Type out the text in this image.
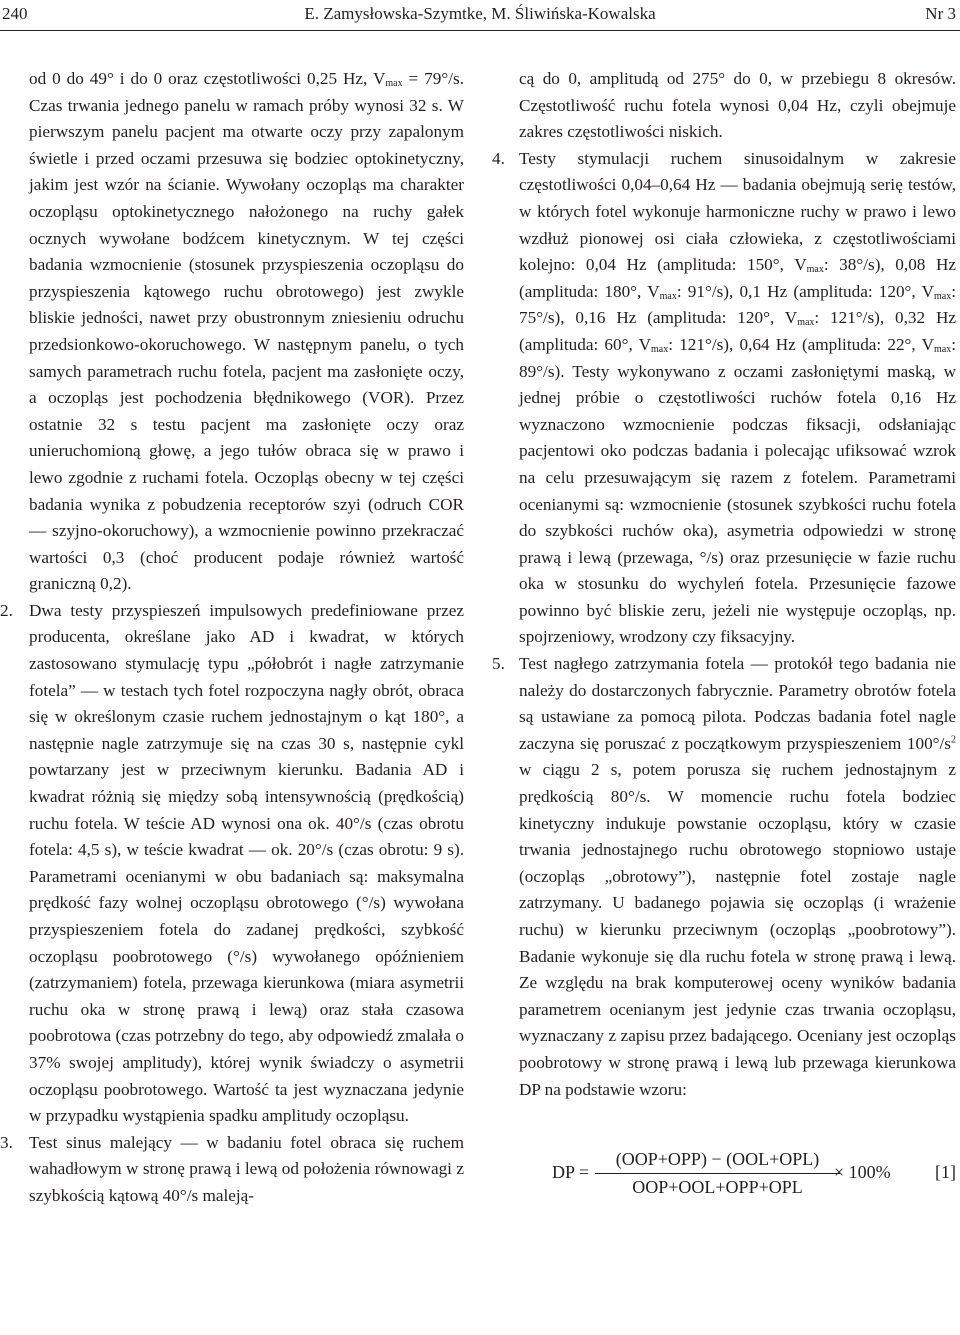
240	E. Zamysłowska-Szymtke, M. Śliwińska-Kowalska	Nr 3

od 0 do 49° i do 0 oraz częstotliwości 0,25 Hz, $V_{max} = 79^\circ/s$. Czas trwania jednego panelu w ramach próby wynosi 32 s. W pierwszym panelu pacjent ma otwarte oczy przy zapalonym świetle i przed oczami przesuwa się bodziec optokinetyczny, jakim jest wzór na ścianie. Wywołany oczopląs ma charakter oczopląsu optokinetycznego nałożonego na ruchy gałek ocznych wywołane bodźcem kinetycznym. W tej części badania wzmocnienie (stosunek przyspieszenia oczopląsu do przyspieszenia kątowego ruchu obrotowego) jest zwykle bliskie jedności, nawet przy obustronnym zniesieniu odruchu przedsionkowo-okoruchowego. W następnym panelu, o tych samych parametrach ruchu fotela, pacjent ma zasłonięte oczy, a oczopląs jest pochodzenia błędnikowego (VOR). Przez ostatnie 32 s testu pacjent ma zasłonięte oczy oraz unieruchomioną głowę, a jego tułów obraca się w prawo i lewo zgodnie z ruchami fotela. Oczopląs obecny w tej części badania wynika z pobudzenia receptorów szyi (odruch COR — szyjno-okoruchowy), a wzmocnienie powinno przekraczać wartości 0,3 (choć producent podaje również wartość graniczną 0,2).

2. Dwa testy przyspieszeń impulsowych predefiniowane przez producenta, określane jako AD i kwadrat, w których zastosowano stymulację typu „półobrót i nagłe zatrzymanie fotela” — w testach tych fotel rozpoczyna nagły obrót, obraca się w określonym czasie ruchem jednostajnym o kąt 180°, a następnie nagle zatrzymuje się na czas 30 s, następnie cykl powtarzany jest w przeciwnym kierunku. Badania AD i kwadrat różnią się między sobą intensywnością (prędkością) ruchu fotela. W teście AD wynosi ona ok. 40°/s (czas obrotu fotela: 4,5 s), w teście kwadrat — ok. 20°/s (czas obrotu: 9 s). Parametrami ocenianymi w obu badaniach są: maksymalna prędkość fazy wolnej oczopląsu obrotowego (°/s) wywołana przyspieszeniem fotela do zadanej prędkości, szybkość oczopląsu poobrotowego (°/s) wywołanego opóźnieniem (zatrzymaniem) fotela, przewaga kierunkowa (miara asymetrii ruchu oka w stronę prawą i lewą) oraz stała czasowa poobrotowa (czas potrzebny do tego, aby odpowiedź zmalała o 37% swojej amplitudy), której wynik świadczy o asymetrii oczopląsu poobrotowego. Wartość ta jest wyznaczana jedynie w przypadku wystąpienia spadku amplitudy oczopląsu.

3. Test sinus malejący — w badaniu fotel obraca się ruchem wahadłowym w stronę prawą i lewą od położenia równowagi z szybkością kątową 40°/s maleją-

cą do 0, amplitudą od 275° do 0, w przebiegu 8 okresów. Częstotliwość ruchu fotela wynosi 0,04 Hz, czyli obejmuje zakres częstotliwości niskich.

4. Testy stymulacji ruchem sinusoidalnym w zakresie częstotliwości 0,04–0,64 Hz — badania obejmują serię testów, w których fotel wykonuje harmoniczne ruchy w prawo i lewo wzdłuż pionowej osi ciała człowieka, z częstotliwościami kolejno: 0,04 Hz (amplituda: 150°, $V_{max}$: 38°/s), 0,08 Hz (amplituda: 180°, $V_{max}$: 91°/s), 0,1 Hz (amplituda: 120°, $V_{max}$: 75°/s), 0,16 Hz (amplituda: 120°, $V_{max}$: 121°/s), 0,32 Hz (amplituda: 60°, $V_{max}$: 121°/s), 0,64 Hz (amplituda: 22°, $V_{max}$: 89°/s). Testy wykonywano z oczami zasłoniętymi maską, w jednej próbie o częstotliwości ruchów fotela 0,16 Hz wyznaczono wzmocnienie podczas fiksacji, odsłaniając pacjentowi oko podczas badania i polecając ufiksować wzrok na celu przesuwającym się razem z fotelem. Parametrami ocenianymi są: wzmocnienie (stosunek szybkości ruchu fotela do szybkości ruchów oka), asymetria odpowiedzi w stronę prawą i lewą (przewaga, °/s) oraz przesunięcie w fazie ruchu oka w stosunku do wychyleń fotela. Przesunięcie fazowe powinno być bliskie zeru, jeżeli nie występuje oczopląs, np. spojrzeniowy, wrodzony czy fiksacyjny.

5. Test nagłego zatrzymania fotela — protokół tego badania nie należy do dostarczonych fabrycznie. Parametry obrotów fotela są ustawiane za pomocą pilota. Podczas badania fotel nagle zaczyna się poruszać z początkowym przyspieszeniem $100^\circ/s^2$ w ciągu 2 s, potem porusza się ruchem jednostajnym z prędkością 80°/s. W momencie ruchu fotela bodziec kinetyczny indukuje powstanie oczopląsu, który w czasie trwania jednostajnego ruchu obrotowego stopniowo ustaje (oczopląs „obrotowy”), następnie fotel zostaje nagle zatrzymany. U badanego pojawia się oczopląs (i wrażenie ruchu) w kierunku przeciwnym (oczopląs „poobrotowy”). Badanie wykonuje się dla ruchu fotela w stronę prawą i lewą. Ze względu na brak komputerowej oceny wyników badania parametrem ocenianym jest jedynie czas trwania oczopląsu, wyznaczany z zapisu przez badającego. Oceniany jest oczopląs poobrotowy w stronę prawą i lewą lub przewaga kierunkowa DP na podstawie wzoru:

DP =
(OOP+OPP) − (OOL+OPL)
OOP+OOL+OPP+OPL
× 100% [1]
